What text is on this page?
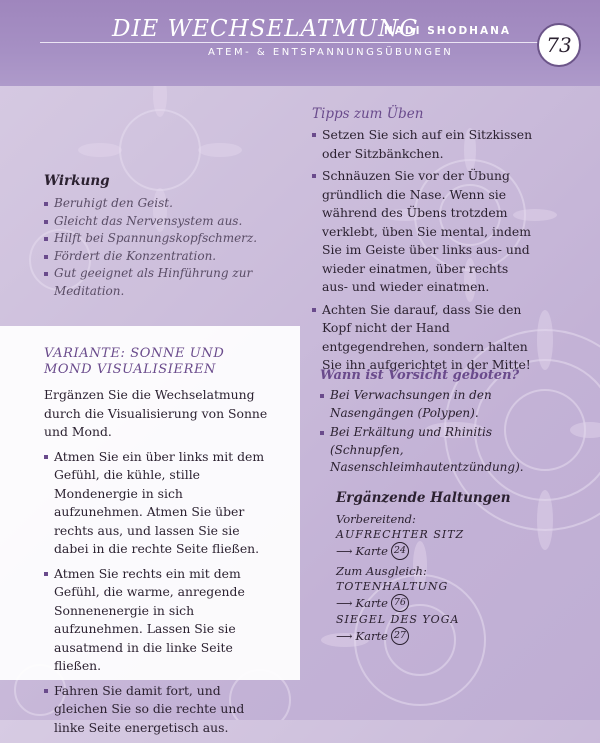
DIE WECHSELATMUNG
NADI SHODHANA
ATEM- & ENTSPANNUNGSÜBUNGEN	73
Wirkung
Beruhigt den Geist.
Gleicht das Nervensystem aus.
Hilft bei Spannungskopfschmerz.
Fördert die Konzentration.
Gut geeignet als Hinführung zur Meditation.
Tipps zum Üben
Setzen Sie sich auf ein Sitzkissen oder Sitzbänkchen.
Schnäuzen Sie vor der Übung gründlich die Nase. Wenn sie während des Übens trotzdem verklebt, üben Sie mental, indem Sie im Geiste über links aus- und wieder einatmen, über rechts aus- und wieder einatmen.
Achten Sie darauf, dass Sie den Kopf nicht der Hand entgegendrehen, sondern halten Sie ihn aufgerichtet in der Mitte!
Wann ist Vorsicht geboten?
Bei Verwachsungen in den Nasengängen (Polypen).
Bei Erkältung und Rhinitis (Schnupfen, Nasenschleimhautentzündung).
VARIANTE: SONNE UND MOND VISUALISIEREN
Ergänzen Sie die Wechselatmung durch die Visualisierung von Sonne und Mond.
Atmen Sie ein über links mit dem Gefühl, die kühle, stille Mondenergie in sich aufzunehmen. Atmen Sie über rechts aus, und lassen Sie sie dabei in die rechte Seite fließen.
Atmen Sie rechts ein mit dem Gefühl, die warme, anregende Sonnenenergie in sich aufzunehmen. Lassen Sie sie ausatmend in die linke Seite fließen.
Fahren Sie damit fort, und gleichen Sie so die rechte und linke Seite energetisch aus.
Ergänzende Haltungen
Vorbereitend:
AUFRECHTER SITZ
⟶ Karte 24
Zum Ausgleich:
TOTENHALTUNG
⟶ Karte 76
SIEGEL DES YOGA
⟶ Karte 27
